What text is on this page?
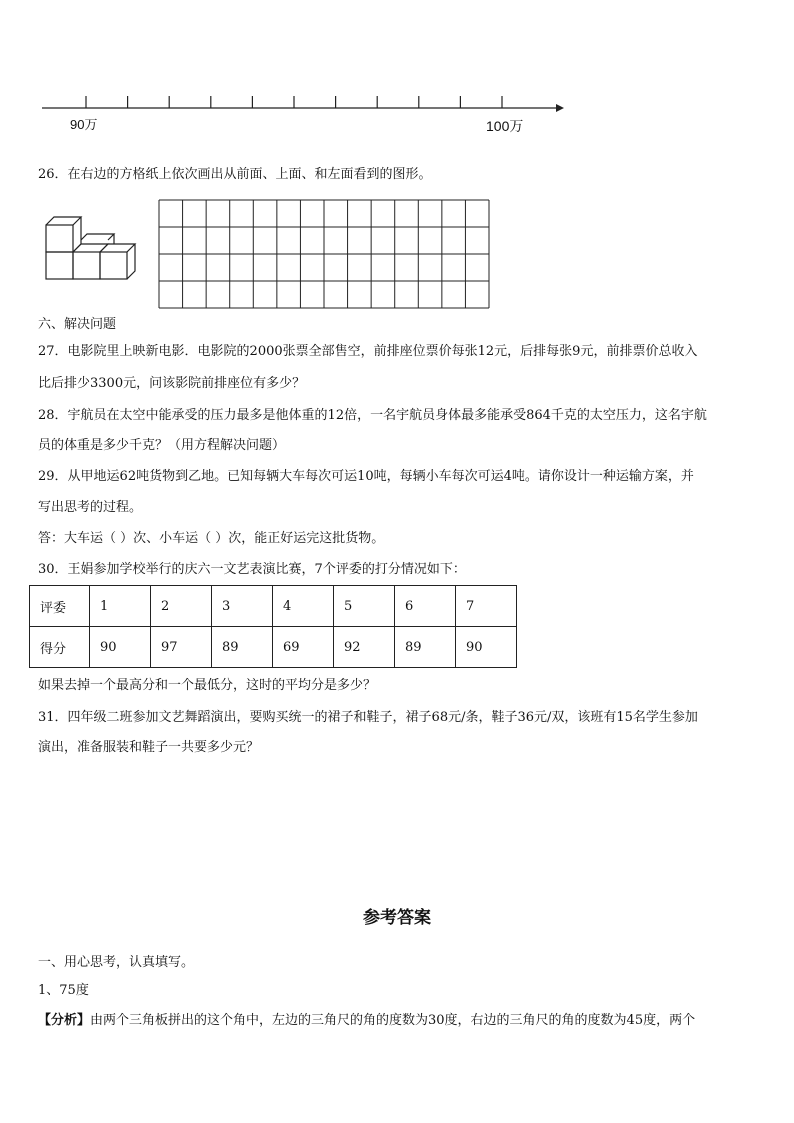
90万	100万
26．在右边的方格纸上依次画出从前面、上面、和左面看到的图形。
六、解决问题
27．电影院里上映新电影．电影院的2000张票全部售空，前排座位票价每张12元，后排每张9元，前排票价总收入
比后排少3300元，问该影院前排座位有多少？
28．宇航员在太空中能承受的压力最多是他体重的12倍，一名宇航员身体最多能承受864千克的太空压力，这名宇航
员的体重是多少千克？（用方程解决问题）
29．从甲地运62吨货物到乙地。已知每辆大车每次可运10吨，每辆小车每次可运4吨。请你设计一种运输方案，并
写出思考的过程。
答：大车运（ ）次、小车运（ ）次，能正好运完这批货物。
30．王娟参加学校举行的庆六一文艺表演比赛，7个评委的打分情况如下：
评委	1	2	3	4	5	6	7
得分	90	97	89	69	92	89	90
如果去掉一个最高分和一个最低分，这时的平均分是多少？
31．四年级二班参加文艺舞蹈演出，要购买统一的裙子和鞋子，裙子68元/条，鞋子36元/双，该班有15名学生参加
演出，准备服装和鞋子一共要多少元？
参考答案
一、用心思考，认真填写。
1、75度
【分析】由两个三角板拼出的这个角中，左边的三角尺的角的度数为30度，右边的三角尺的角的度数为45度，两个
